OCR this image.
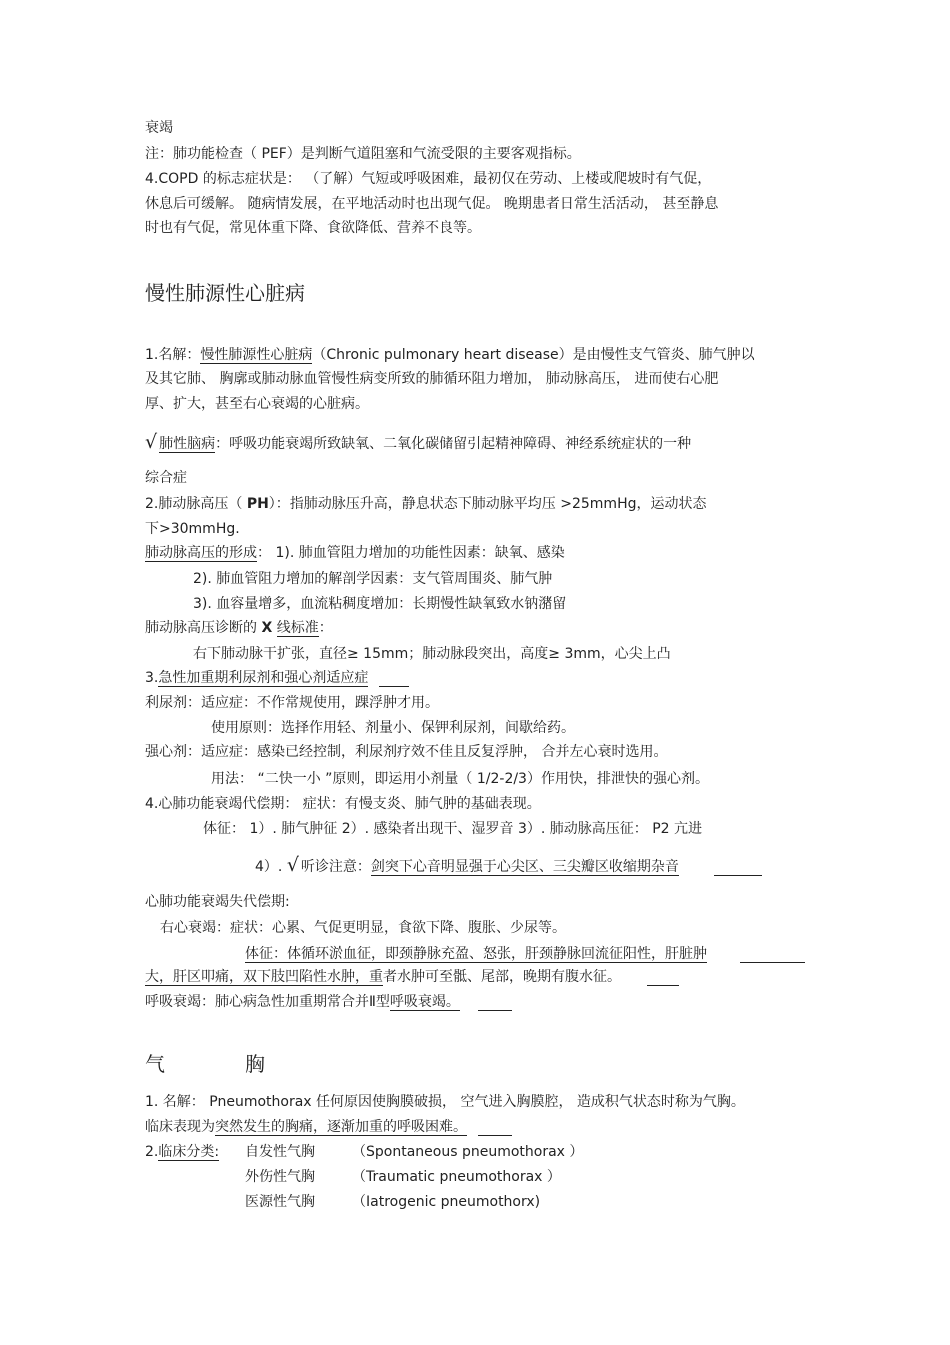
衰竭
注：肺功能检查（ PEF）是判断气道阻塞和气流受限的主要客观指标。
4.COPD 的标志症状是： （了解）气短或呼吸困难，最初仅在劳动、上楼或爬坡时有气促，
休息后可缓解。 随病情发展，在平地活动时也出现气促。 晚期患者日常生活活动， 甚至静息
时也有气促，常见体重下降、食欲降低、营养不良等。
慢性肺源性心脏病
1.名解：慢性肺源性心脏病（Chronic pulmonary heart disease）是由慢性支气管炎、肺气肿以
及其它肺、 胸廓或肺动脉血管慢性病变所致的肺循环阻力增加， 肺动脉高压， 进而使右心肥
厚、扩大，甚至右心衰竭的心脏病。
√ 肺性脑病：呼吸功能衰竭所致缺氧、二氧化碳储留引起精神障碍、神经系统症状的一种
综合症
2.肺动脉高压（ PH）：指肺动脉压升高，静息状态下肺动脉平均压 >25mmHg，运动状态
下>30mmHg.
肺动脉高压的形成： 1). 肺血管阻力增加的功能性因素：缺氧、感染
2). 肺血管阻力增加的解剖学因素：支气管周围炎、肺气肿
3). 血容量增多，血流粘稠度增加：长期慢性缺氧致水钠潴留
肺动脉高压诊断的 X 线标准：
右下肺动脉干扩张，直径≥ 15mm；肺动脉段突出，高度≥ 3mm，心尖上凸
3.急性加重期利尿剂和强心剂适应症
利尿剂：适应症：不作常规使用，踝浮肿才用。
使用原则：选择作用轻、剂量小、保钾利尿剂，间歇给药。
强心剂：适应症：感染已经控制，利尿剂疗效不佳且反复浮肿， 合并左心衰时选用。
用法： “二快一小 ”原则，即运用小剂量（ 1/2-2/3）作用快，排泄快的强心剂。
4.心肺功能衰竭代偿期： 症状：有慢支炎、肺气肿的基础表现。
体征： 1）. 肺气肿征 2）. 感染者出现干、湿罗音 3）. 肺动脉高压征： P2 亢进
4）. √ 听诊注意：剑突下心音明显强于心尖区、三尖瓣区收缩期杂音
心肺功能衰竭失代偿期:
右心衰竭：症状：心累、气促更明显，食欲下降、腹胀、少尿等。
体征：体循环淤血征，即颈静脉充盈、怒张，肝颈静脉回流征阳性，肝脏肿
大，肝区叩痛，双下肢凹陷性水肿，重者水肿可至骶、尾部，晚期有腹水征。
呼吸衰竭：肺心病急性加重期常合并Ⅱ型呼吸衰竭。
气	胸
1. 名解： Pneumothorax 任何原因使胸膜破损， 空气进入胸膜腔， 造成积气状态时称为气胸。
临床表现为突然发生的胸痛，逐渐加重的呼吸困难。
2.临床分类: 自发性气胸	（Spontaneous pneumothorax ）
外伤性气胸	（Traumatic pneumothorax ）
医源性气胸	（Iatrogenic pneumothorx)
